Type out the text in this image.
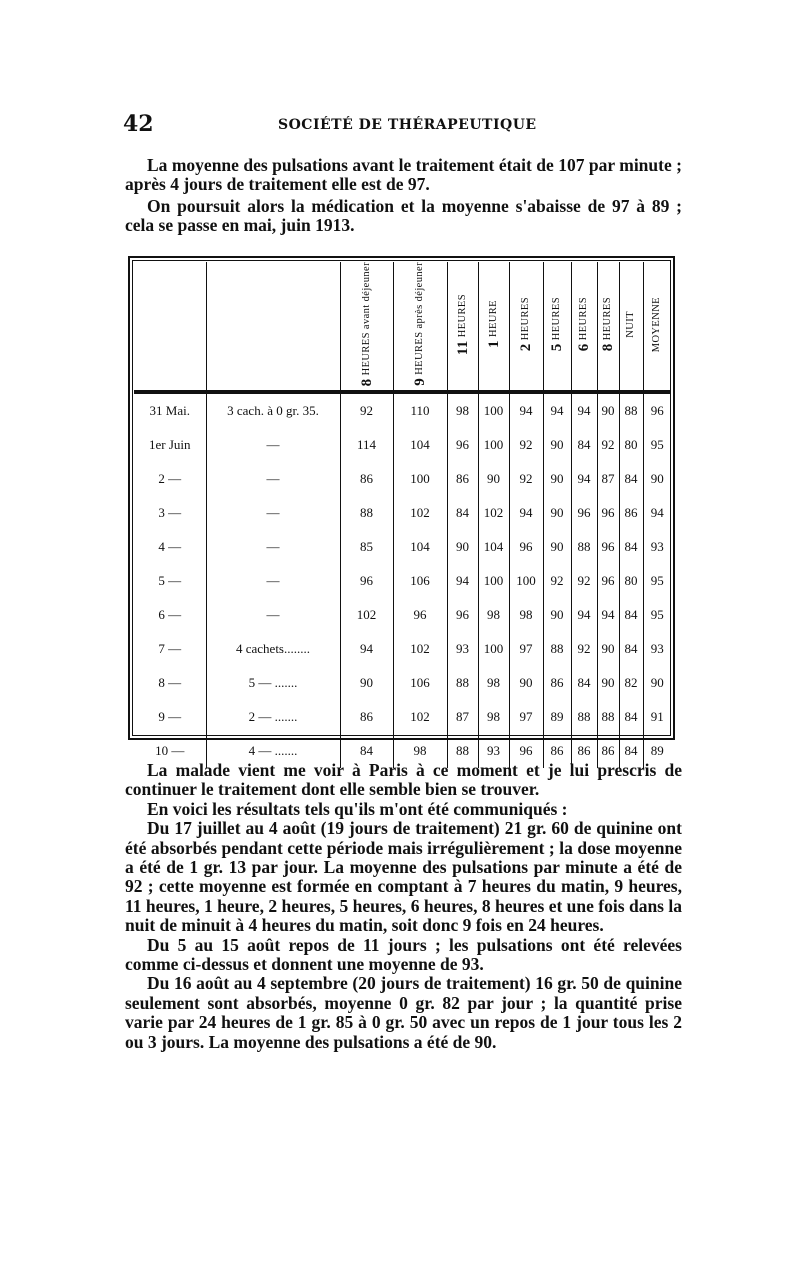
42	SOCIÉTÉ DE THÉRAPEUTIQUE
La moyenne des pulsations avant le traitement était de 107 par minute ; après 4 jours de traitement elle est de 97.
On poursuit alors la médication et la moyenne s'abaisse de 97 à 89 ; cela se passe en mai, juin 1913.
		8 HEURES avant déjeuner	9 HEURES après déjeuner	11 HEURES	1 HEURE	2 HEURES	5 HEURES	6 HEURES	8 HEURES	NUIT	MOYENNE
31 Mai.	3 cach. à 0 gr. 35.	92	110	98	100	94	94	94	90	88	96
1er Juin	—	114	104	96	100	92	90	84	92	80	95
2 —	—	86	100	86	90	92	90	94	87	84	90
3 —	—	88	102	84	102	94	90	96	96	86	94
4 —	—	85	104	90	104	96	90	88	96	84	93
5 —	—	96	106	94	100	100	92	92	96	80	95
6 —	—	102	96	96	98	98	90	94	94	84	95
7 —	4 cachets........	94	102	93	100	97	88	92	90	84	93
8 —	5 — .......	90	106	88	98	90	86	84	90	82	90
9 —	2 — .......	86	102	87	98	97	89	88	88	84	91
10 —	4 — .......	84	98	88	93	96	86	86	86	84	89
La malade vient me voir à Paris à ce moment et je lui prescris de continuer le traitement dont elle semble bien se trouver.
En voici les résultats tels qu'ils m'ont été communiqués :
Du 17 juillet au 4 août (19 jours de traitement) 21 gr. 60 de quinine ont été absorbés pendant cette période mais irrégulièrement ; la dose moyenne a été de 1 gr. 13 par jour. La moyenne des pulsations par minute a été de 92 ; cette moyenne est formée en comptant à 7 heures du matin, 9 heures, 11 heures, 1 heure, 2 heures, 5 heures, 6 heures, 8 heures et une fois dans la nuit de minuit à 4 heures du matin, soit donc 9 fois en 24 heures.
Du 5 au 15 août repos de 11 jours ; les pulsations ont été relevées comme ci-dessus et donnent une moyenne de 93.
Du 16 août au 4 septembre (20 jours de traitement) 16 gr. 50 de quinine seulement sont absorbés, moyenne 0 gr. 82 par jour ; la quantité prise varie par 24 heures de 1 gr. 85 à 0 gr. 50 avec un repos de 1 jour tous les 2 ou 3 jours. La moyenne des pulsations a été de 90.
